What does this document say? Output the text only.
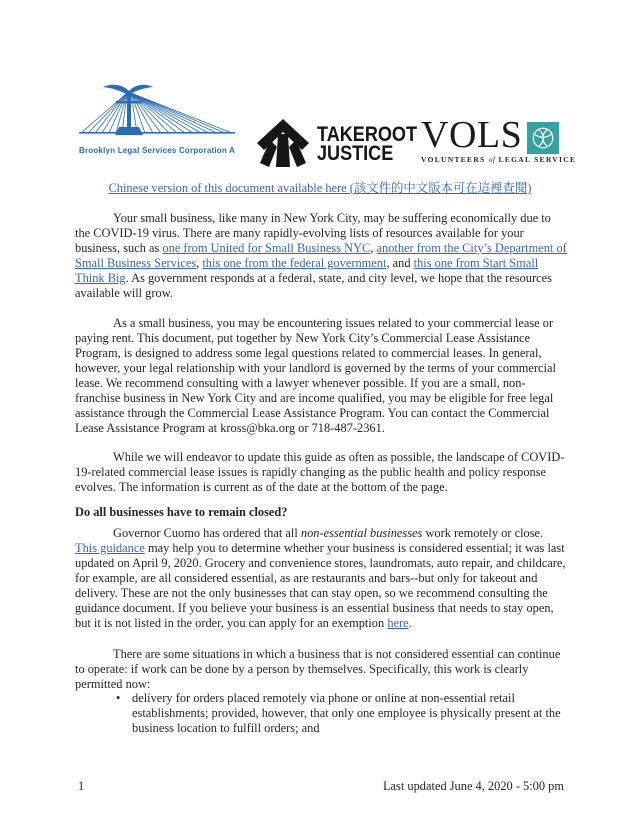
Brooklyn Legal Services Corporation A
TAKEROOT
JUSTICE VOLS
VOLUNTEERS of LEGAL SERVICE
Chinese version of this document available here (該文件的中文版本可在這裡查閱)

Your small business, like many in New York City, may be suffering economically due to the COVID-19 virus. There are many rapidly-evolving lists of resources available for your business, such as one from United for Small Business NYC, another from the City’s Department of Small Business Services, this one from the federal government, and this one from Start Small Think Big. As government responds at a federal, state, and city level, we hope that the resources available will grow.

As a small business, you may be encountering issues related to your commercial lease or paying rent. This document, put together by New York City’s Commercial Lease Assistance Program, is designed to address some legal questions related to commercial leases. In general, however, your legal relationship with your landlord is governed by the terms of your commercial lease. We recommend consulting with a lawyer whenever possible. If you are a small, non-franchise business in New York City and are income qualified, you may be eligible for free legal assistance through the Commercial Lease Assistance Program. You can contact the Commercial Lease Assistance Program at kross@bka.org or 718-487-2361.

While we will endeavor to update this guide as often as possible, the landscape of COVID-19-related commercial lease issues is rapidly changing as the public health and policy response evolves. The information is current as of the date at the bottom of the page.

Do all businesses have to remain closed?

Governor Cuomo has ordered that all non-essential businesses work remotely or close. This guidance may help you to determine whether your business is considered essential; it was last updated on April 9, 2020. Grocery and convenience stores, laundromats, auto repair, and childcare, for example, are all considered essential, as are restaurants and bars--but only for takeout and delivery. These are not the only businesses that can stay open, so we recommend consulting the guidance document. If you believe your business is an essential business that needs to stay open, but it is not listed in the order, you can apply for an exemption here.

There are some situations in which a business that is not considered essential can continue to operate: if work can be done by a person by themselves. Specifically, this work is clearly permitted now:

• delivery for orders placed remotely via phone or online at non-essential retail establishments; provided, however, that only one employee is physically present at the business location to fulfill orders; and
1	Last updated June 4, 2020 - 5:00 pm
